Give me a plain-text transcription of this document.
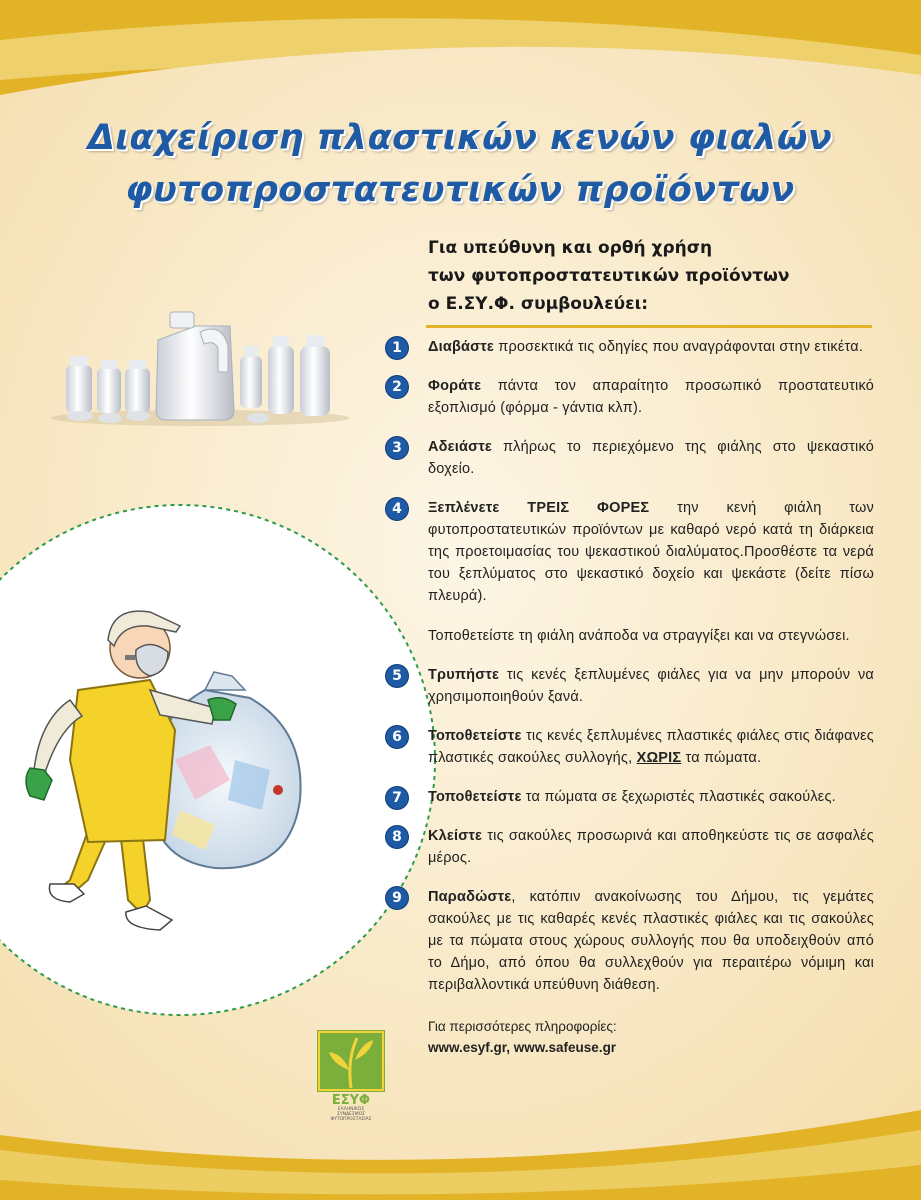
Διαχείριση πλαστικών κενών φιαλών
φυτοπροστατευτικών προϊόντων
Για υπεύθυνη και ορθή χρήση
των φυτοπροστατευτικών προϊόντων
ο Ε.ΣΥ.Φ. συμβουλεύει:
1	Διαβάστε προσεκτικά τις οδηγίες που αναγράφονται στην ετικέτα.
2	Φοράτε πάντα τον απαραίτητο προσωπικό προστατευτικό εξοπλισμό (φόρμα - γάντια κλπ).
3	Αδειάστε πλήρως το περιεχόμενο της φιάλης στο ψεκαστικό δοχείο.
4	Ξεπλένετε ΤΡΕΙΣ ΦΟΡΕΣ την κενή φιάλη των φυτοπροστατευτικών προϊόντων με καθαρό νερό κατά τη διάρκεια της προετοιμασίας του ψεκαστικού διαλύματος.Προσθέστε τα νερά του ξεπλύματος στο ψεκαστικό δοχείο και ψεκάστε (δείτε πίσω πλευρά).
Τοποθετείστε τη φιάλη ανάποδα να στραγγίξει και να στεγνώσει.
5	Τρυπήστε τις κενές ξεπλυμένες φιάλες για να μην μπορούν να χρησιμοποιηθούν ξανά.
6	Τοποθετείστε τις κενές ξεπλυμένες πλαστικές φιάλες στις διάφανες πλαστικές σακούλες συλλογής, ΧΩΡΙΣ τα πώματα.
7	Τοποθετείστε τα πώματα σε ξεχωριστές πλαστικές σακούλες.
8	Κλείστε τις σακούλες προσωρινά και αποθηκεύστε τις σε ασφαλές μέρος.
9	Παραδώστε, κατόπιν ανακοίνωσης του Δήμου, τις γεμάτες σακούλες με τις καθαρές κενές πλαστικές φιάλες και τις σακούλες με τα πώματα στους χώρους συλλογής που θα υποδειχθούν από το Δήμο, από όπου θα συλλεχθούν για περαιτέρω νόμιμη και περιβαλλοντικά υπεύθυνη διάθεση.
Για περισσότερες πληροφορίες:
www.esyf.gr, www.safeuse.gr
ΕΣΥΦ
ΕΛΛΗΝΙΚΟΣ
ΣΥΝΔΕΣΜΟΣ
ΦΥΤΟΠΡΟΣΤΑΣΙΑΣ
